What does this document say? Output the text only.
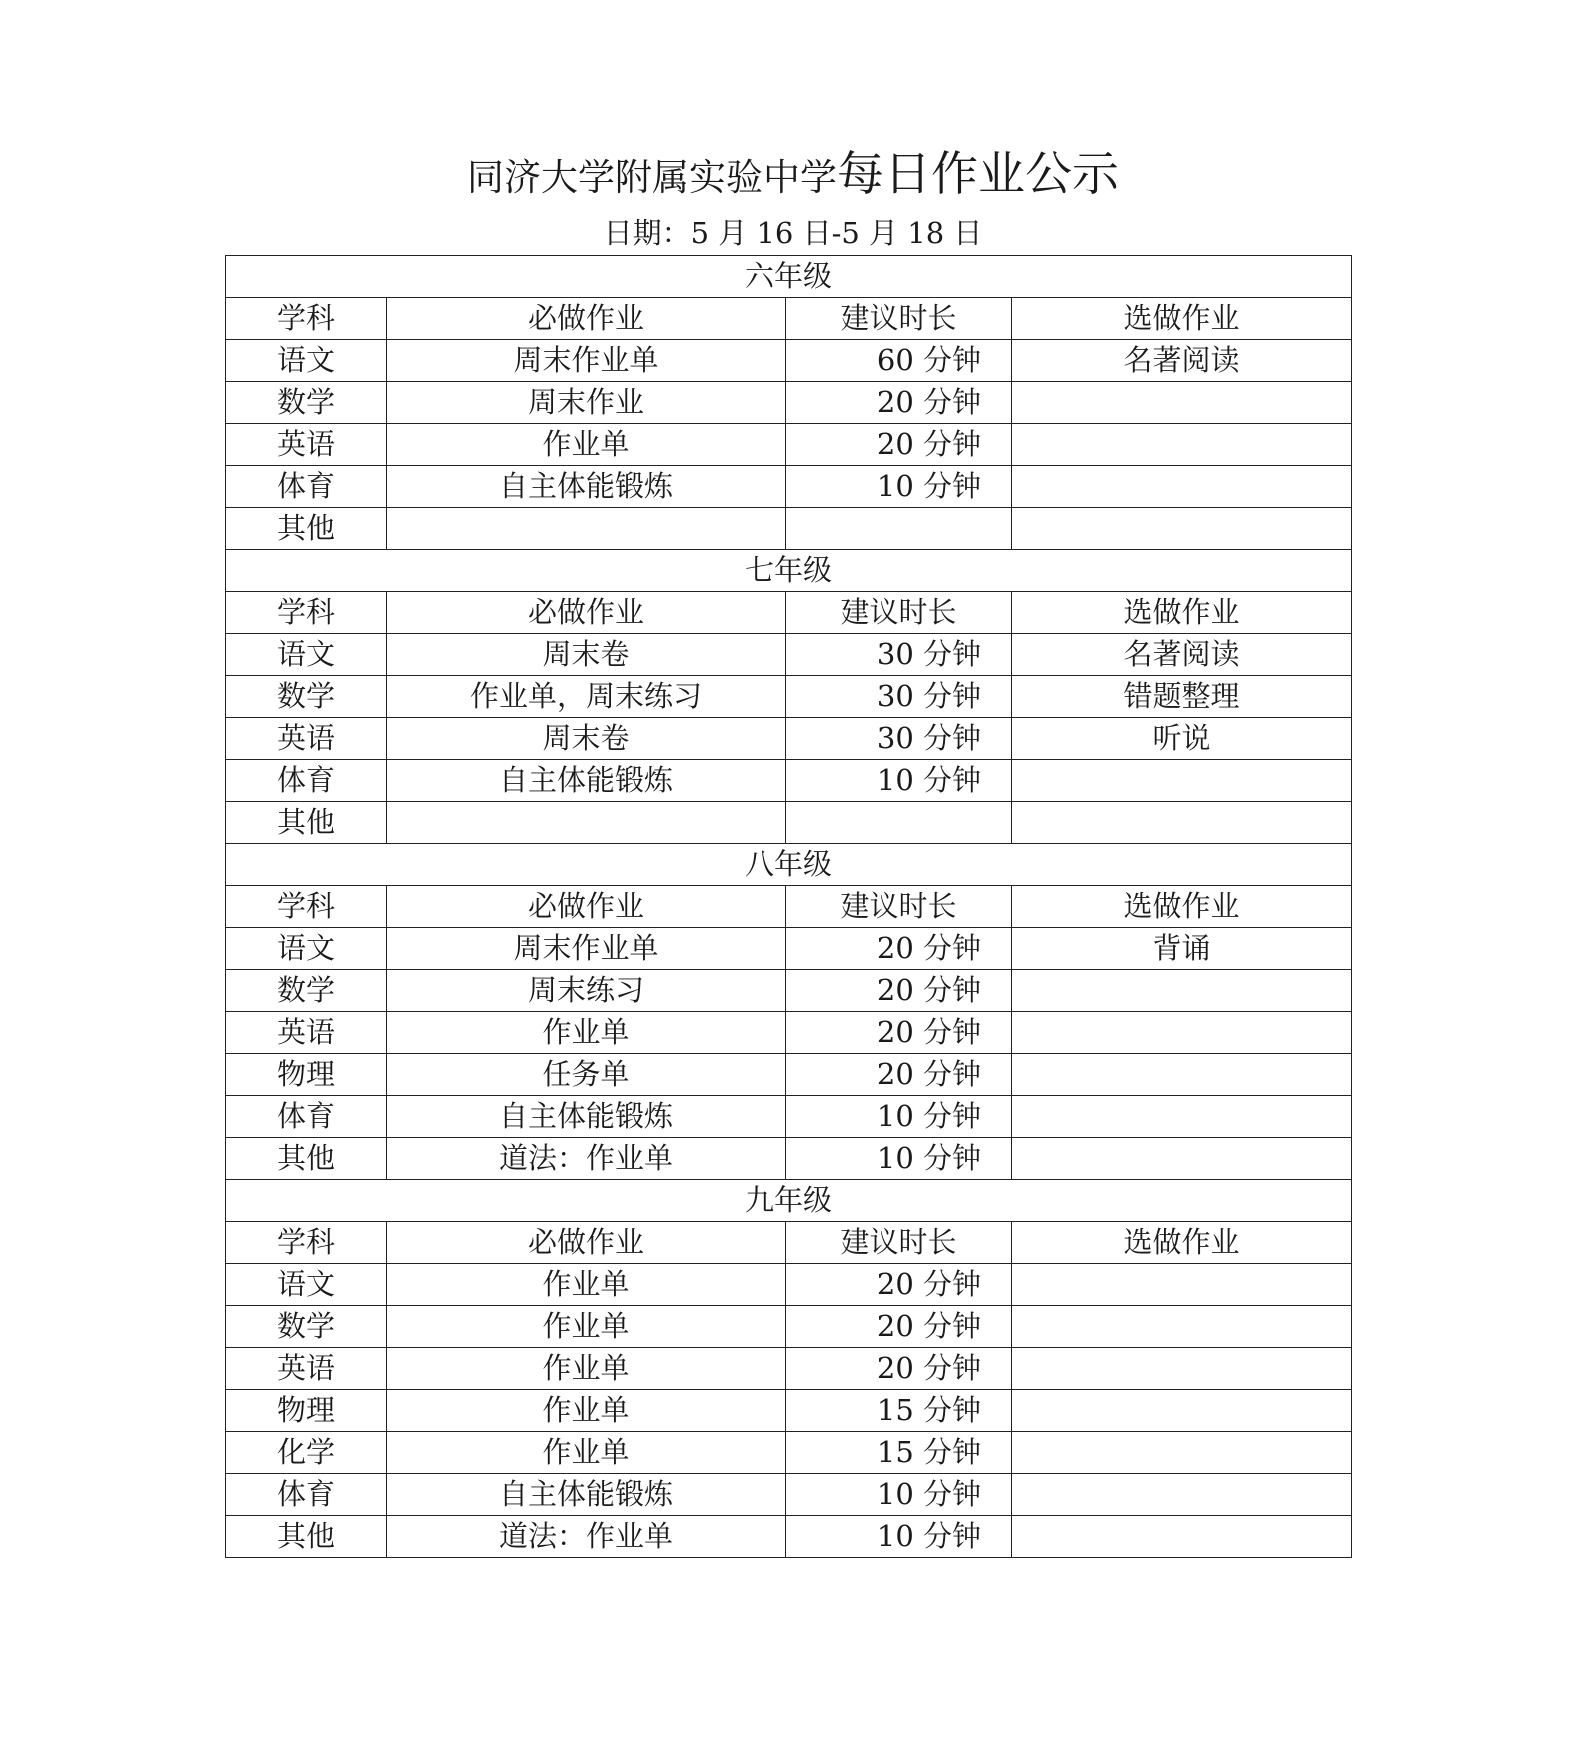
同济大学附属实验中学每日作业公示
日期：5 月 16 日-5 月 18 日
六年级			
学科	必做作业	建议时长	选做作业
语文	周末作业单	60 分钟	名著阅读
数学	周末作业	20 分钟	
英语	作业单	20 分钟	
体育	自主体能锻炼	10 分钟	
其他			
七年级			
学科	必做作业	建议时长	选做作业
语文	周末卷	30 分钟	名著阅读
数学	作业单，周末练习	30 分钟	错题整理
英语	周末卷	30 分钟	听说
体育	自主体能锻炼	10 分钟	
其他			
八年级			
学科	必做作业	建议时长	选做作业
语文	周末作业单	20 分钟	背诵
数学	周末练习	20 分钟	
英语	作业单	20 分钟	
物理	任务单	20 分钟	
体育	自主体能锻炼	10 分钟	
其他	道法：作业单	10 分钟	
九年级			
学科	必做作业	建议时长	选做作业
语文	作业单	20 分钟	
数学	作业单	20 分钟	
英语	作业单	20 分钟	
物理	作业单	15 分钟	
化学	作业单	15 分钟	
体育	自主体能锻炼	10 分钟	
其他	道法：作业单	10 分钟	
